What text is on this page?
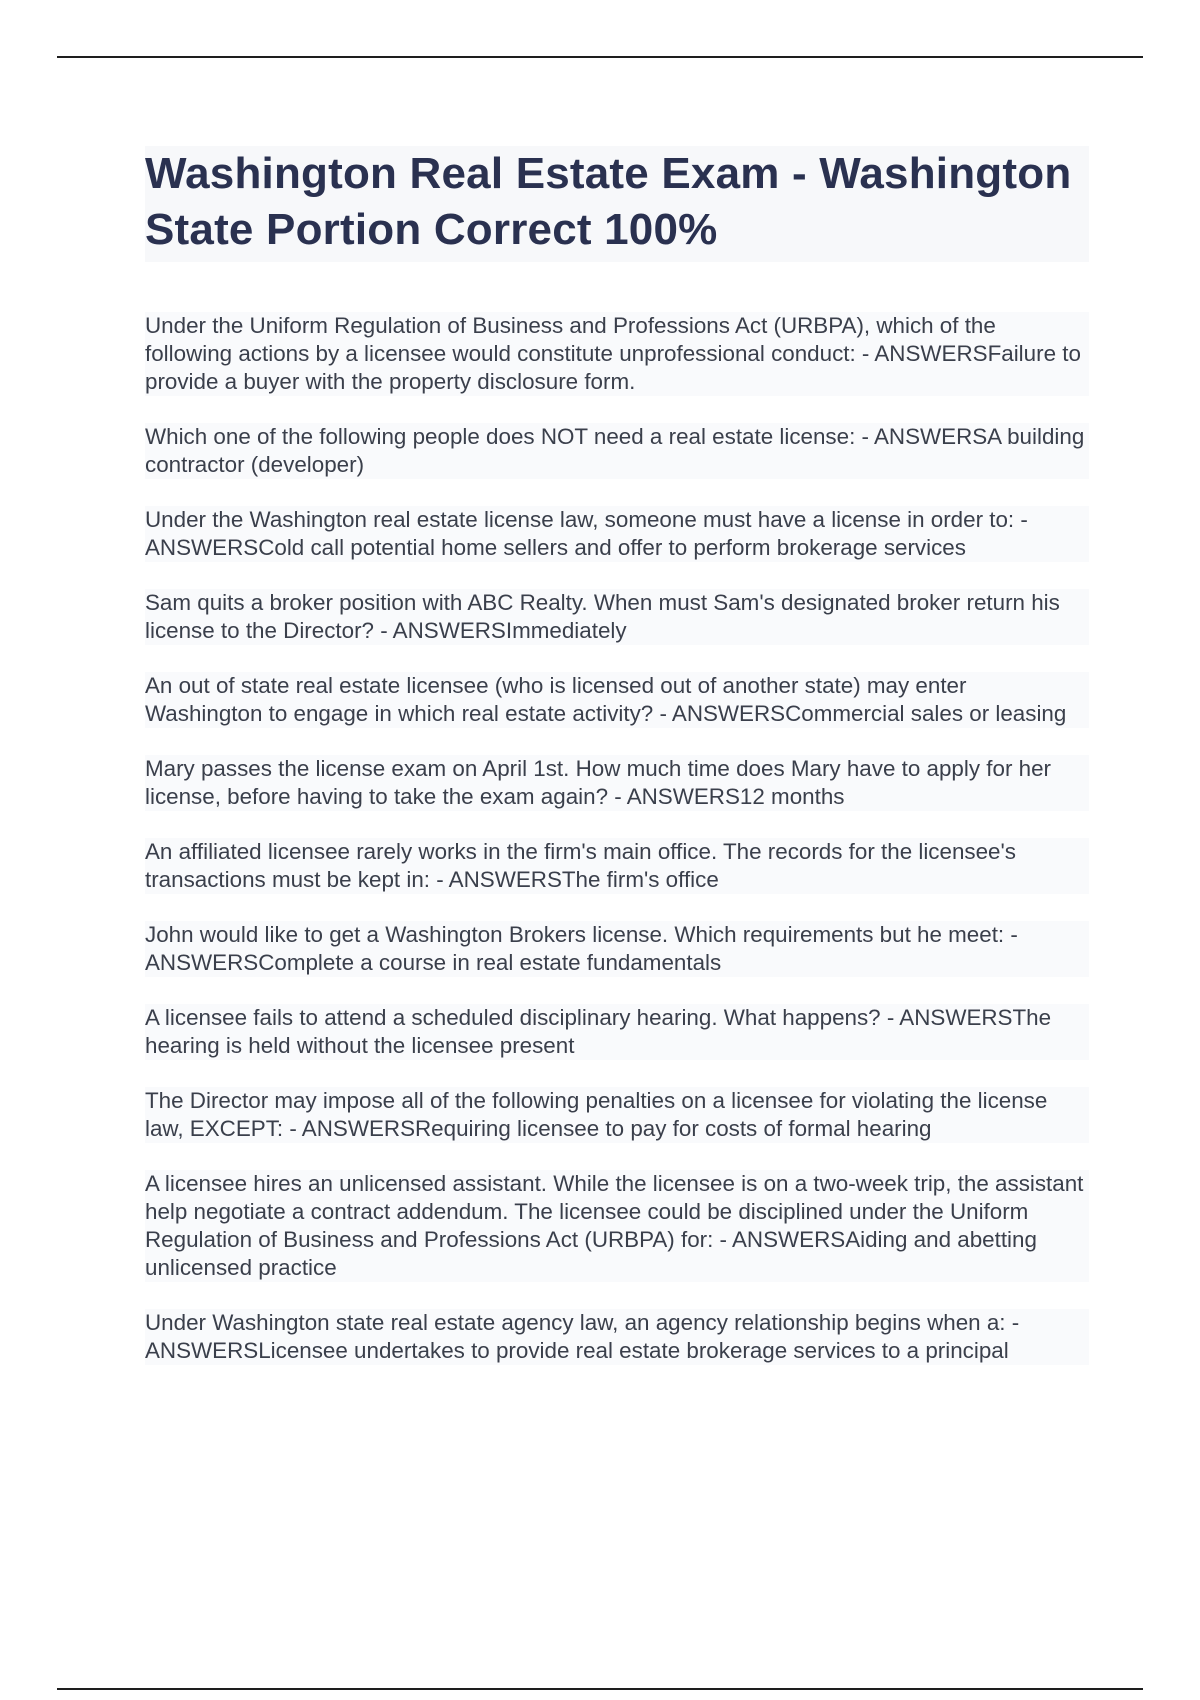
Washington Real Estate Exam - Washington State Portion Correct 100%

Under the Uniform Regulation of Business and Professions Act (URBPA), which of the following actions by a licensee would constitute unprofessional conduct: - ANSWERSFailure to provide a buyer with the property disclosure form.

Which one of the following people does NOT need a real estate license: - ANSWERSA building contractor (developer)

Under the Washington real estate license law, someone must have a license in order to: - ANSWERSCold call potential home sellers and offer to perform brokerage services

Sam quits a broker position with ABC Realty. When must Sam's designated broker return his license to the Director? - ANSWERSImmediately

An out of state real estate licensee (who is licensed out of another state) may enter Washington to engage in which real estate activity? - ANSWERSCommercial sales or leasing

Mary passes the license exam on April 1st. How much time does Mary have to apply for her license, before having to take the exam again? - ANSWERS12 months

An affiliated licensee rarely works in the firm's main office. The records for the licensee's transactions must be kept in: - ANSWERSThe firm's office

John would like to get a Washington Brokers license. Which requirements but he meet: - ANSWERSComplete a course in real estate fundamentals

A licensee fails to attend a scheduled disciplinary hearing. What happens? - ANSWERSThe hearing is held without the licensee present

The Director may impose all of the following penalties on a licensee for violating the license law, EXCEPT: - ANSWERSRequiring licensee to pay for costs of formal hearing

A licensee hires an unlicensed assistant. While the licensee is on a two-week trip, the assistant help negotiate a contract addendum. The licensee could be disciplined under the Uniform Regulation of Business and Professions Act (URBPA) for: - ANSWERSAiding and abetting unlicensed practice

Under Washington state real estate agency law, an agency relationship begins when a: - ANSWERSLicensee undertakes to provide real estate brokerage services to a principal
